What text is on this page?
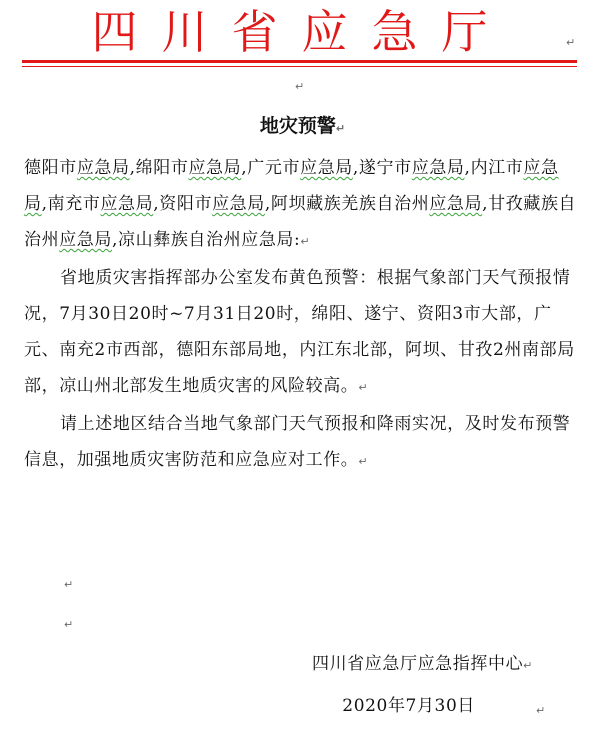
四川省应急厅	↵
↵
地灾预警↵

德阳市应急局,绵阳市应急局,广元市应急局,遂宁市应急局,内江市应急局,南充市应急局,资阳市应急局,阿坝藏族羌族自治州应急局,甘孜藏族自治州应急局,凉山彝族自治州应急局:↵

省地质灾害指挥部办公室发布黄色预警：根据气象部门天气预报情况，7月30日20时~7月31日20时，绵阳、遂宁、资阳3市大部，广元、南充2市西部，德阳东部局地，内江东北部，阿坝、甘孜2州南部局部，凉山州北部发生地质灾害的风险较高。↵

请上述地区结合当地气象部门天气预报和降雨实况，及时发布预警信息，加强地质灾害防范和应急应对工作。↵

↵
↵
四川省应急厅应急指挥中心↵
2020年7月30日	↵
